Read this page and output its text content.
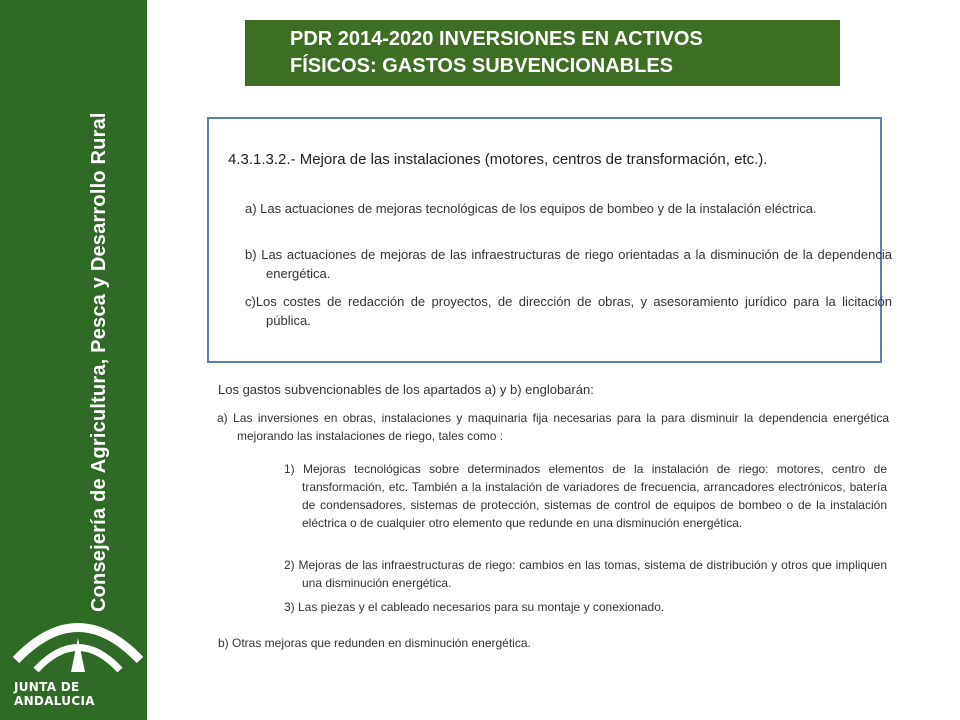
Consejería de Agricultura, Pesca y Desarrollo Rural
JUNTA DE ANDALUCIA
PDR 2014-2020 INVERSIONES EN ACTIVOS
FÍSICOS: GASTOS SUBVENCIONABLES
4.3.1.3.2.- Mejora de las instalaciones (motores, centros de transformación, etc.).
a) Las actuaciones de mejoras tecnológicas de los equipos de bombeo y de la instalación eléctrica.
b) Las actuaciones de mejoras de las infraestructuras de riego orientadas a la disminución de la dependencia energética.
c)Los costes de redacción de proyectos, de dirección de obras, y asesoramiento jurídico para la licitación pública.
Los gastos subvencionables de los apartados a) y b) englobarán:
a) Las inversiones en obras, instalaciones y maquinaria fija necesarias para la para disminuir la dependencia energética mejorando las instalaciones de riego, tales como :
1) Mejoras tecnológicas sobre determinados elementos de la instalación de riego: motores, centro de transformación, etc. También a la instalación de variadores de frecuencia, arrancadores electrónicos, batería de condensadores, sistemas de protección, sistemas de control de equipos de bombeo o de la instalación eléctrica o de cualquier otro elemento que redunde en una disminución energética.
2) Mejoras de las infraestructuras de riego: cambios en las tomas, sistema de distribución y otros que impliquen una disminución energética.
3) Las piezas y el cableado necesarios para su montaje y conexionado.
b) Otras mejoras que redunden en disminución energética.
